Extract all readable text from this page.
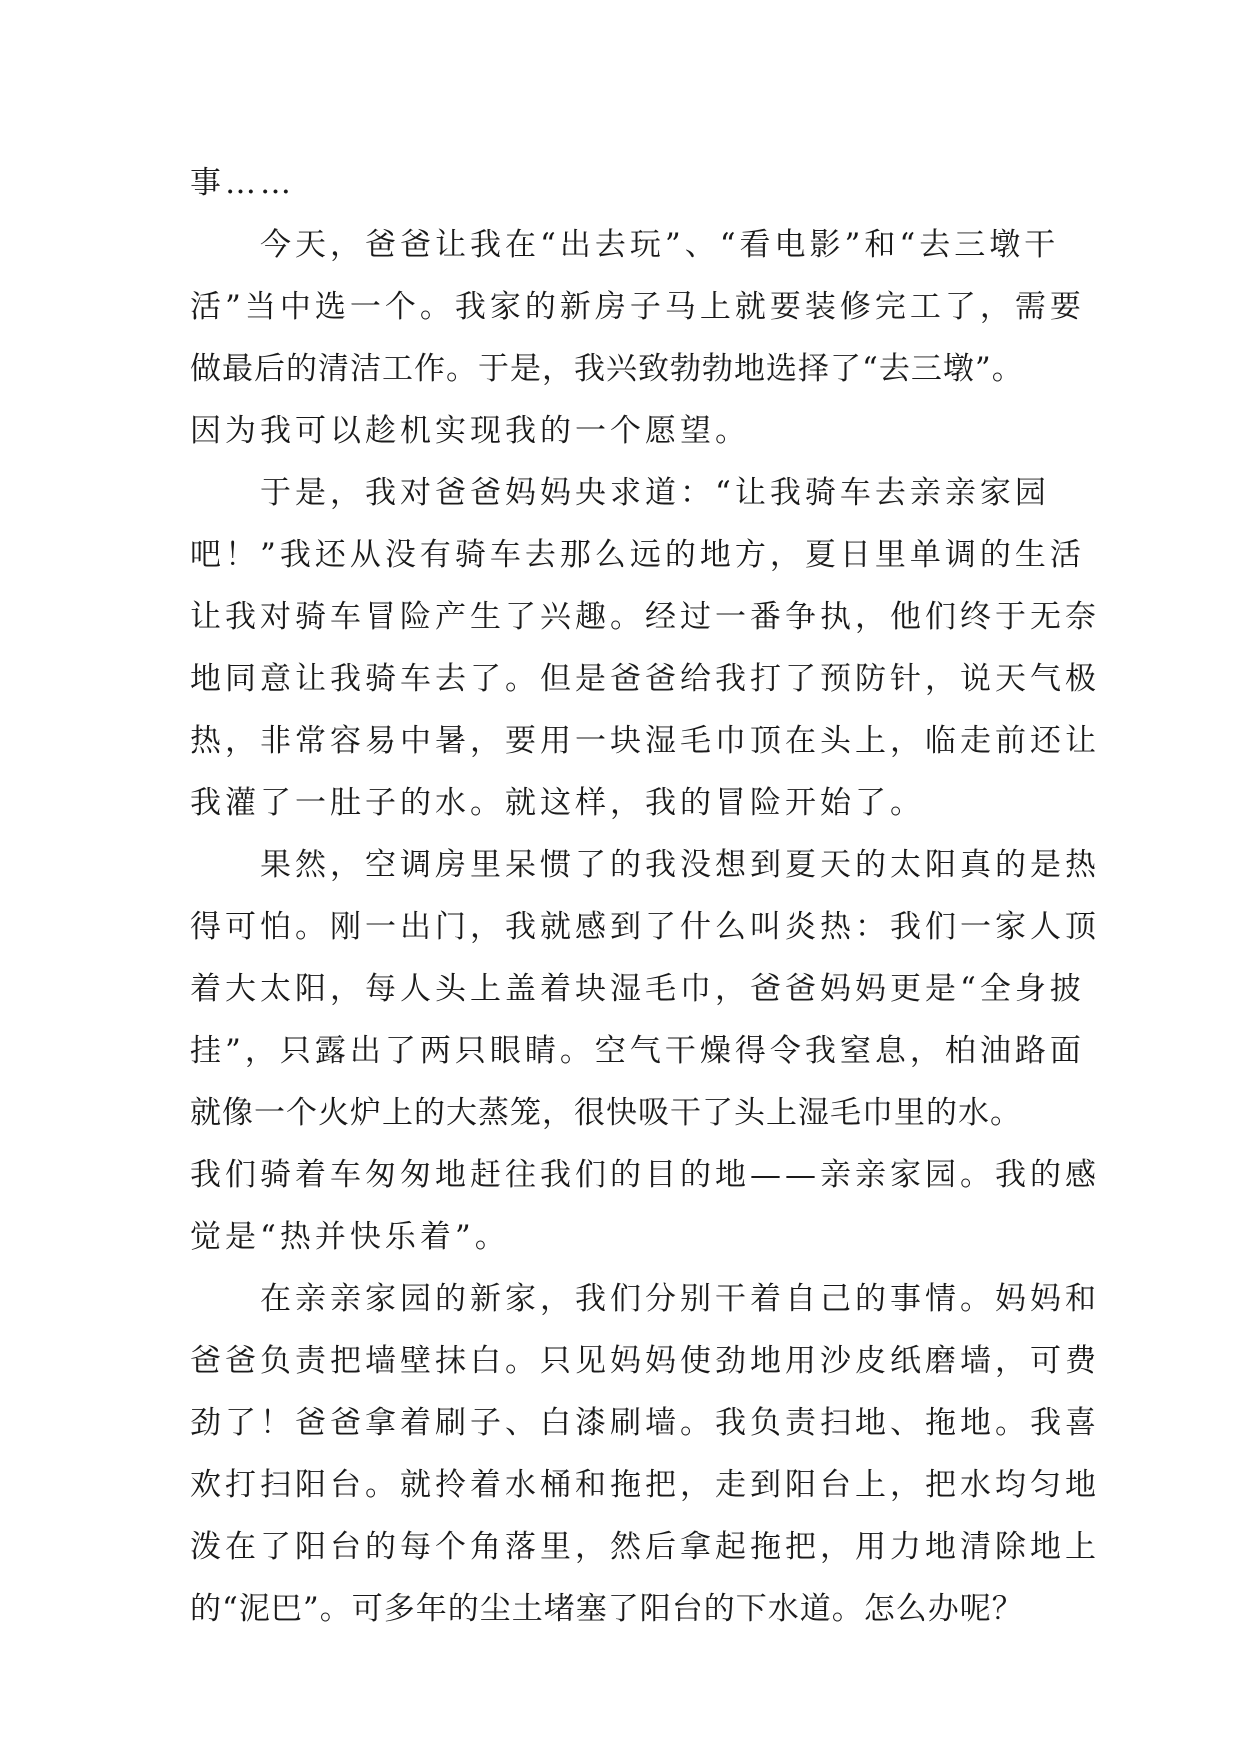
事……
今天，爸爸让我在“出去玩”、“看电影”和“去三墩干
活”当中选一个。我家的新房子马上就要装修完工了，需要
做最后的清洁工作。于是，我兴致勃勃地选择了“去三墩”。
因为我可以趁机实现我的一个愿望。
于是，我对爸爸妈妈央求道：“让我骑车去亲亲家园
吧！”我还从没有骑车去那么远的地方，夏日里单调的生活
让我对骑车冒险产生了兴趣。经过一番争执，他们终于无奈
地同意让我骑车去了。但是爸爸给我打了预防针，说天气极
热，非常容易中暑，要用一块湿毛巾顶在头上，临走前还让
我灌了一肚子的水。就这样，我的冒险开始了。
果然，空调房里呆惯了的我没想到夏天的太阳真的是热
得可怕。刚一出门，我就感到了什么叫炎热：我们一家人顶
着大太阳，每人头上盖着块湿毛巾，爸爸妈妈更是“全身披
挂”，只露出了两只眼睛。空气干燥得令我窒息，柏油路面
就像一个火炉上的大蒸笼，很快吸干了头上湿毛巾里的水。
我们骑着车匆匆地赶往我们的目的地——亲亲家园。我的感
觉是“热并快乐着”。
在亲亲家园的新家，我们分别干着自己的事情。妈妈和
爸爸负责把墙壁抹白。只见妈妈使劲地用沙皮纸磨墙，可费
劲了！爸爸拿着刷子、白漆刷墙。我负责扫地、拖地。我喜
欢打扫阳台。就拎着水桶和拖把，走到阳台上，把水均匀地
泼在了阳台的每个角落里，然后拿起拖把，用力地清除地上
的“泥巴”。可多年的尘土堵塞了阳台的下水道。怎么办呢？
